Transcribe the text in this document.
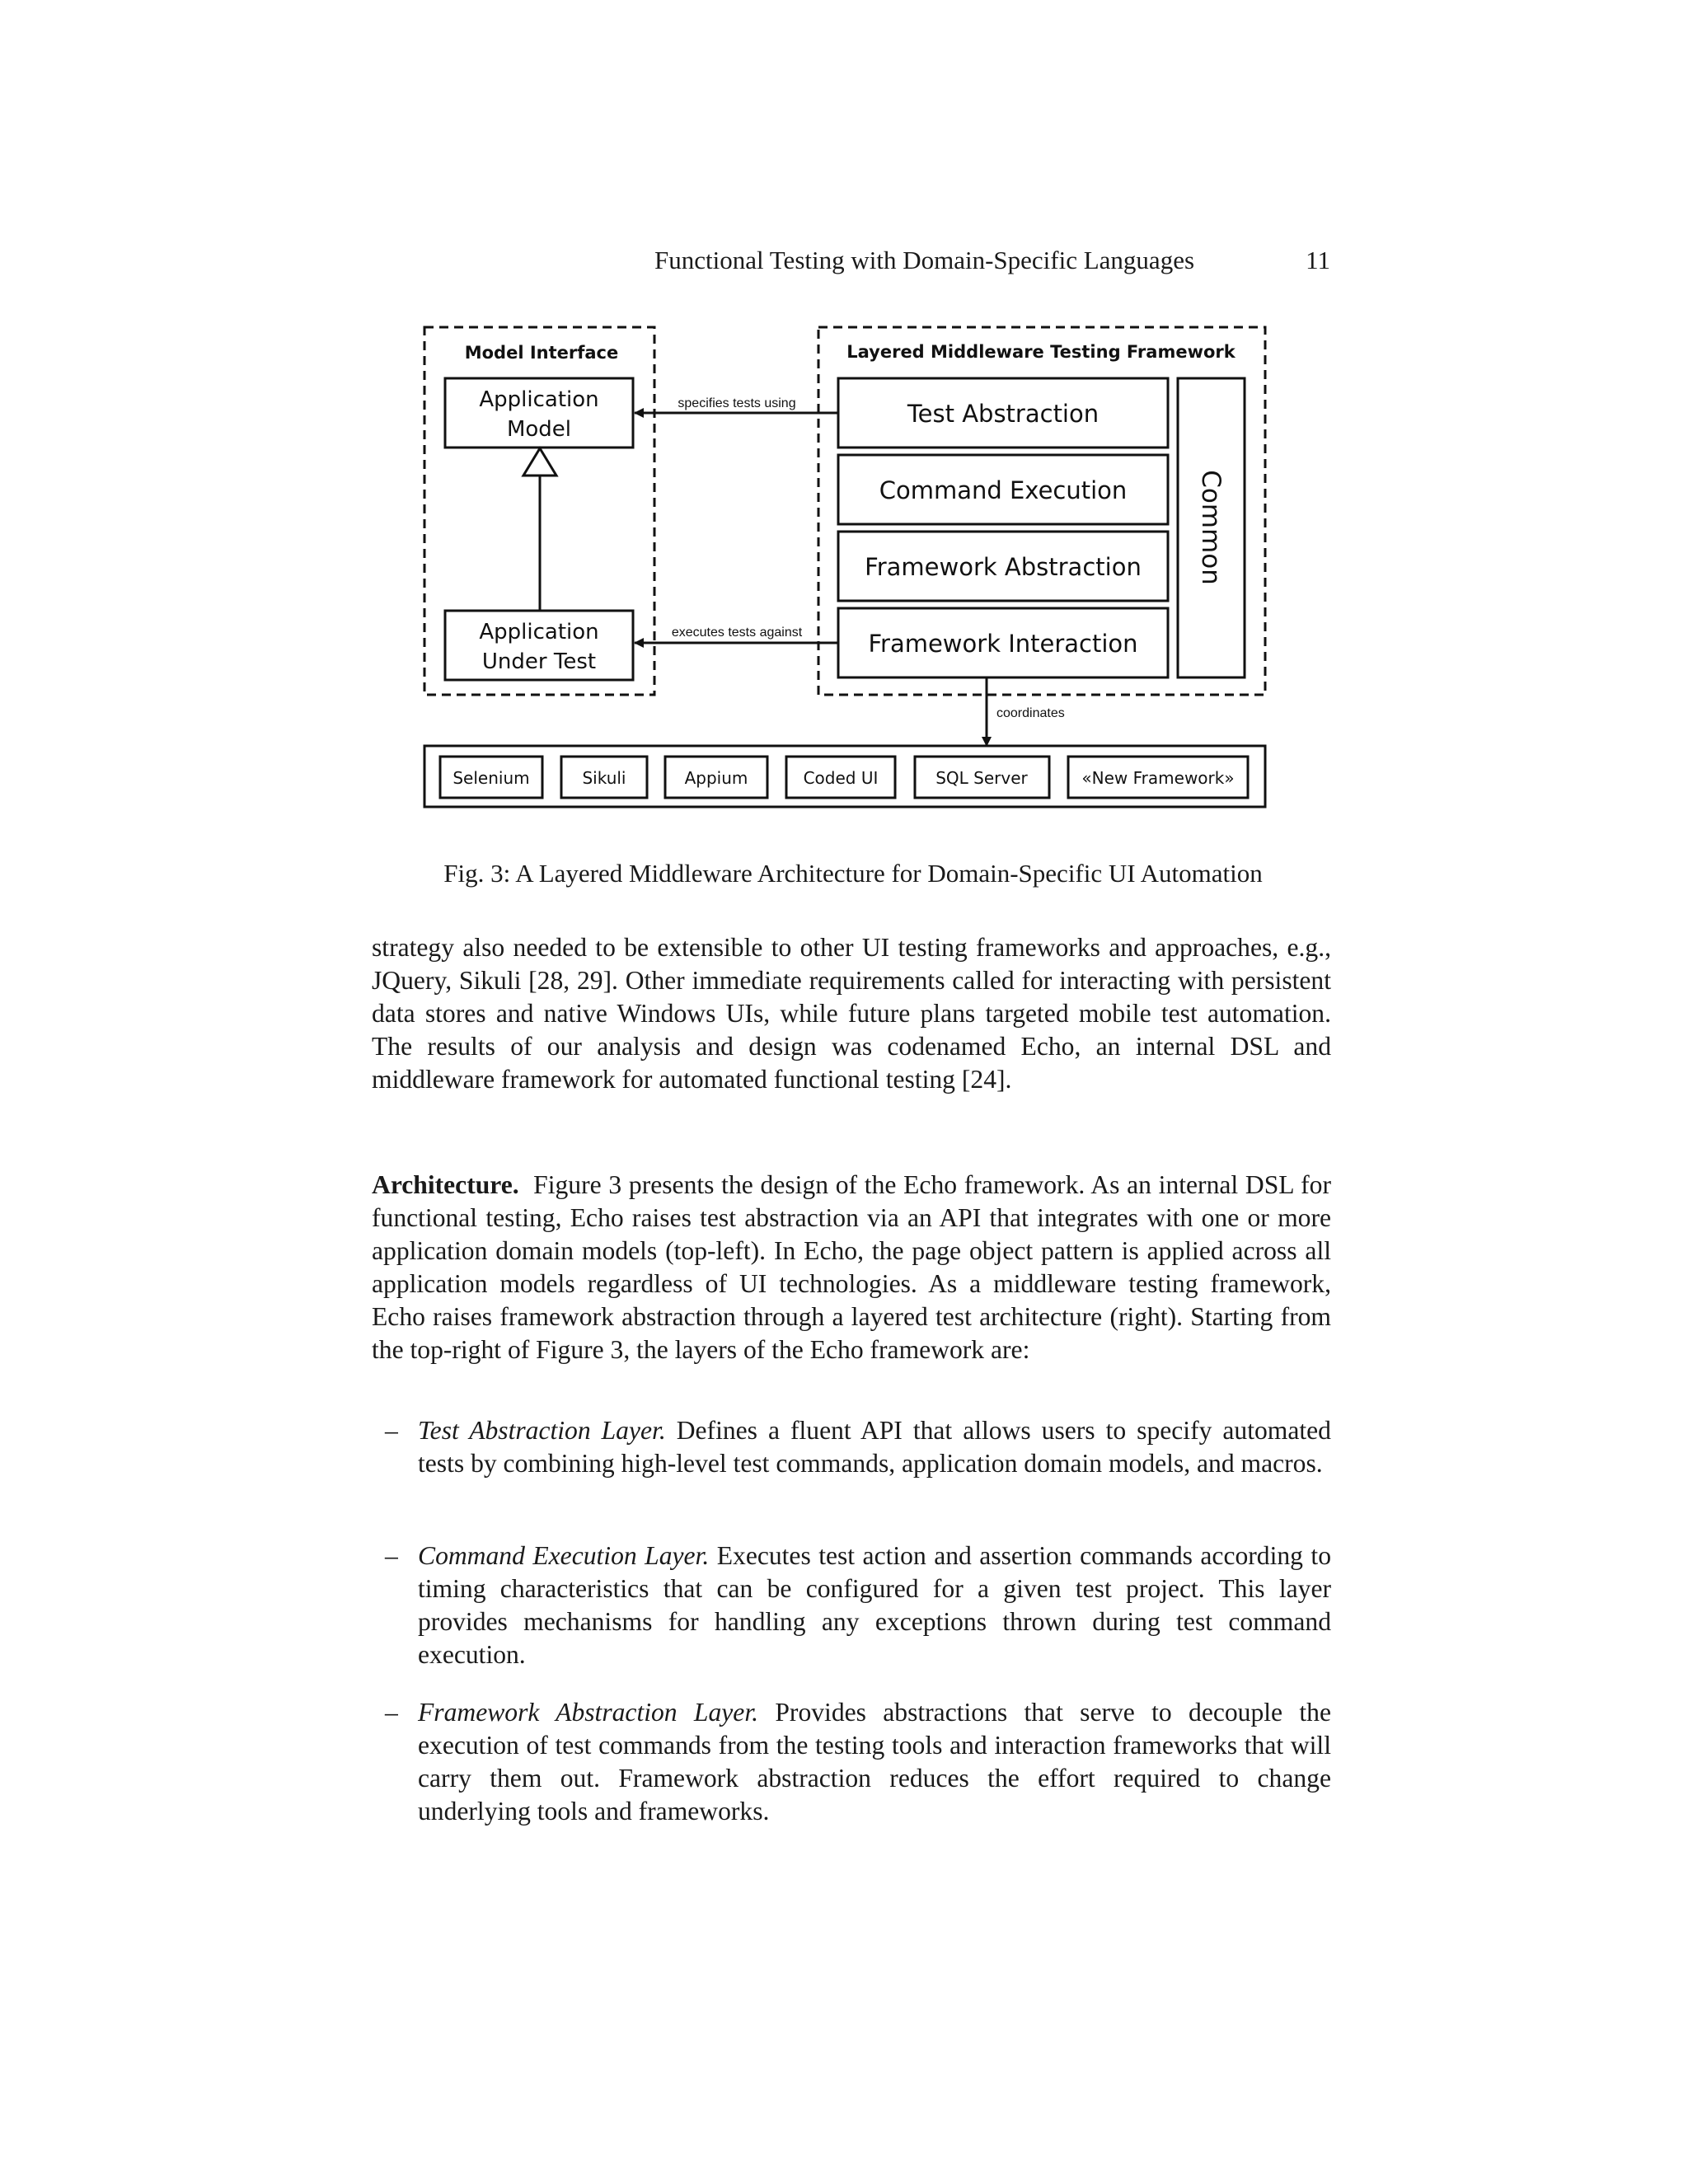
Functional Testing with Domain-Specific Languages	11
Model Interface
Application
Model
Application
Under Test
Layered Middleware Testing Framework
Test Abstraction
Command Execution
Framework Abstraction
Framework Interaction
Common
specifies tests using
executes tests against
coordinates
Selenium	Sikuli	Appium	Coded UI	SQL Server	«New Framework»
Fig. 3: A Layered Middleware Architecture for Domain-Specific UI Automation
strategy also needed to be extensible to other UI testing frameworks and approaches, e.g., JQuery, Sikuli [28, 29]. Other immediate requirements called for interacting with persistent data stores and native Windows UIs, while future plans targeted mobile test automation. The results of our analysis and design was codenamed Echo, an internal DSL and middleware framework for automated functional testing [24].
Architecture. Figure 3 presents the design of the Echo framework. As an internal DSL for functional testing, Echo raises test abstraction via an API that integrates with one or more application domain models (top-left). In Echo, the page object pattern is applied across all application models regardless of UI technologies. As a middleware testing framework, Echo raises framework abstraction through a layered test architecture (right). Starting from the top-right of Figure 3, the layers of the Echo framework are:
– Test Abstraction Layer. Defines a fluent API that allows users to specify automated tests by combining high-level test commands, application domain models, and macros.
– Command Execution Layer. Executes test action and assertion commands according to timing characteristics that can be configured for a given test project. This layer provides mechanisms for handling any exceptions thrown during test command execution.
– Framework Abstraction Layer. Provides abstractions that serve to decouple the execution of test commands from the testing tools and interaction frameworks that will carry them out. Framework abstraction reduces the effort required to change underlying tools and frameworks.
